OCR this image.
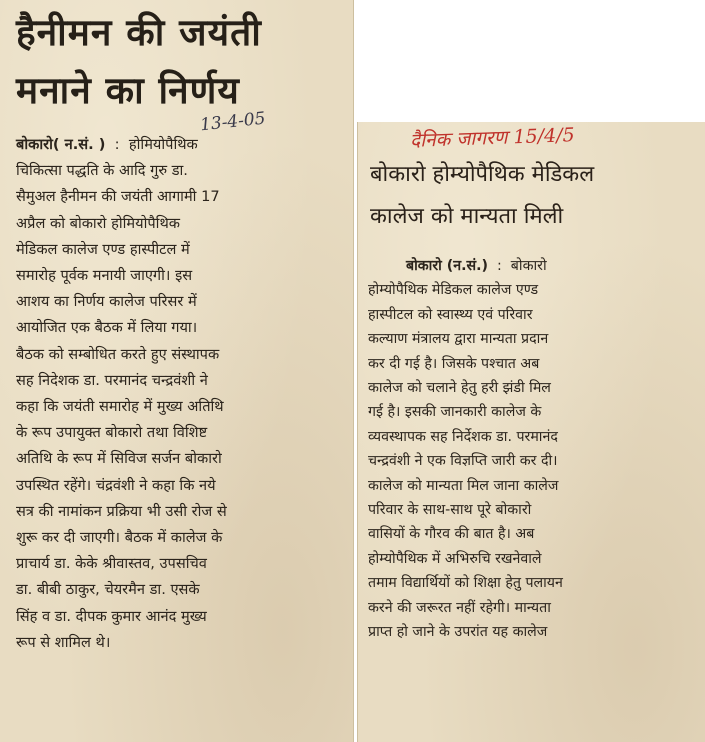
हैनीमन की जयंती
मनाने का निर्णय
13-4-05
बोकारो( न.सं. )  :  होमियोपैथिक
चिकित्सा पद्धति के आदि गुरु डा.
सैमुअल हैनीमन की जयंती आगामी 17
अप्रैल को बोकारो होमियोपैथिक
मेडिकल कालेज एण्ड हास्पीटल में
समारोह पूर्वक मनायी जाएगी। इस
आशय का निर्णय कालेज परिसर में
आयोजित एक बैठक में लिया गया।
बैठक को सम्बोधित करते हुए संस्थापक
सह निदेशक डा. परमानंद चन्द्रवंशी ने
कहा कि जयंती समारोह में मुख्य अतिथि
के रूप उपायुक्त बोकारो तथा विशिष्ट
अतिथि के रूप में सिविज सर्जन बोकारो
उपस्थित रहेंगे। चंद्रवंशी ने कहा कि नये
सत्र की नामांकन प्रक्रिया भी उसी रोज से
शुरू कर दी जाएगी। बैठक में कालेज के
प्राचार्य डा. केके श्रीवास्तव, उपसचिव
डा. बीबी ठाकुर, चेयरमैन डा. एसके
सिंह व डा. दीपक कुमार आनंद मुख्य
रूप से शामिल थे।
दैनिक जागरण 15/4/5
बोकारो होम्योपैथिक मेडिकल
कालेज को मान्यता मिली
बोकारो (न.सं.)  :  बोकारो
होम्योपैथिक मेडिकल कालेज एण्ड
हास्पीटल को स्वास्थ्य एवं परिवार
कल्याण मंत्रालय द्वारा मान्यता प्रदान
कर दी गई है। जिसके पश्चात अब
कालेज को चलाने हेतु हरी झंडी मिल
गई है। इसकी जानकारी कालेज के
व्यवस्थापक सह निर्देशक डा. परमानंद
चन्द्रवंशी ने एक विज्ञप्ति जारी कर दी।
कालेज को मान्यता मिल जाना कालेज
परिवार के साथ-साथ पूरे बोकारो
वासियों के गौरव की बात है। अब
होम्योपैथिक में अभिरुचि रखनेवाले
तमाम विद्यार्थियों को शिक्षा हेतु पलायन
करने की जरूरत नहीं रहेगी। मान्यता
प्राप्त हो जाने के उपरांत यह कालेज
